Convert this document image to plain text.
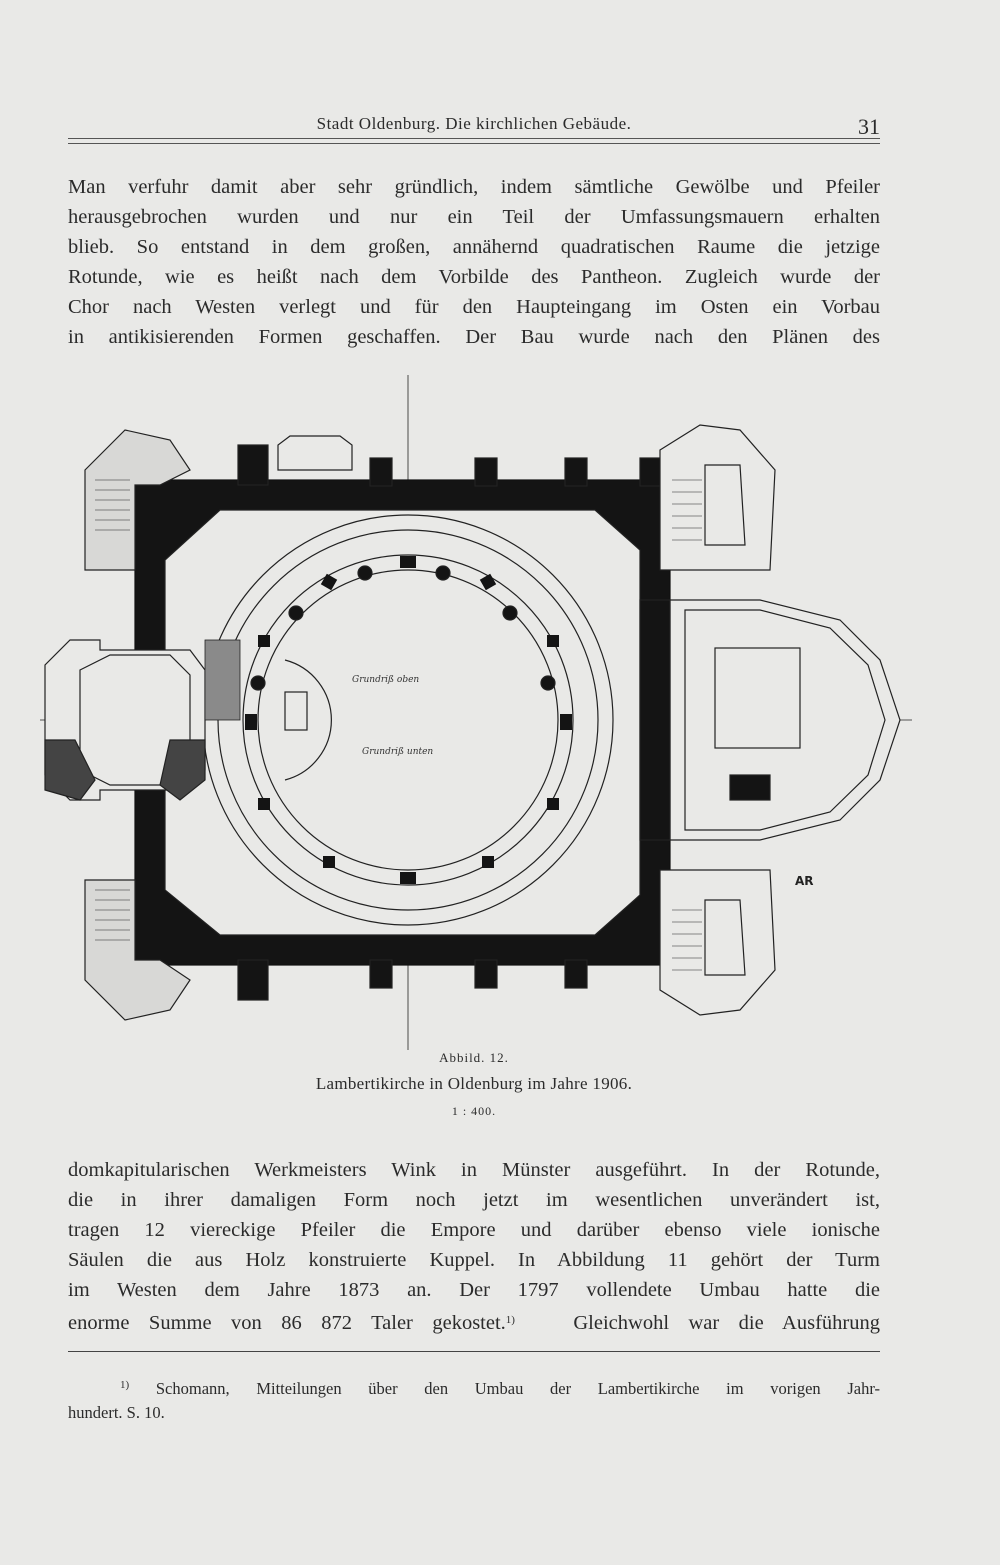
Stadt Oldenburg. Die kirchlichen Gebäude.	31
Man verfuhr damit aber sehr gründlich, indem sämtliche Gewölbe und Pfeiler
herausgebrochen wurden und nur ein Teil der Umfassungsmauern erhalten
blieb. So entstand in dem großen, annähernd quadratischen Raume die jetzige
Rotunde, wie es heißt nach dem Vorbilde des Pantheon. Zugleich wurde der
Chor nach Westen verlegt und für den Haupteingang im Osten ein Vorbau
in antikisierenden Formen geschaffen. Der Bau wurde nach den Plänen des
Grundriß oben
Grundriß unten
AR
Abbild. 12.
Lambertikirche in Oldenburg im Jahre 1906.
1 : 400.
domkapitularischen Werkmeisters Wink in Münster ausgeführt. In der Rotunde,
die in ihrer damaligen Form noch jetzt im wesentlichen unverändert ist,
tragen 12 viereckige Pfeiler die Empore und darüber ebenso viele ionische
Säulen die aus Holz konstruierte Kuppel. In Abbildung 11 gehört der Turm
im Westen dem Jahre 1873 an. Der 1797 vollendete Umbau hatte die
enorme Summe von 86 872 Taler gekostet.$^{1)}$	Gleichwohl war die Ausführung
$^{1)}$ Schomann, Mitteilungen über den Umbau der Lambertikirche im vorigen Jahr-
hundert. S. 10.
